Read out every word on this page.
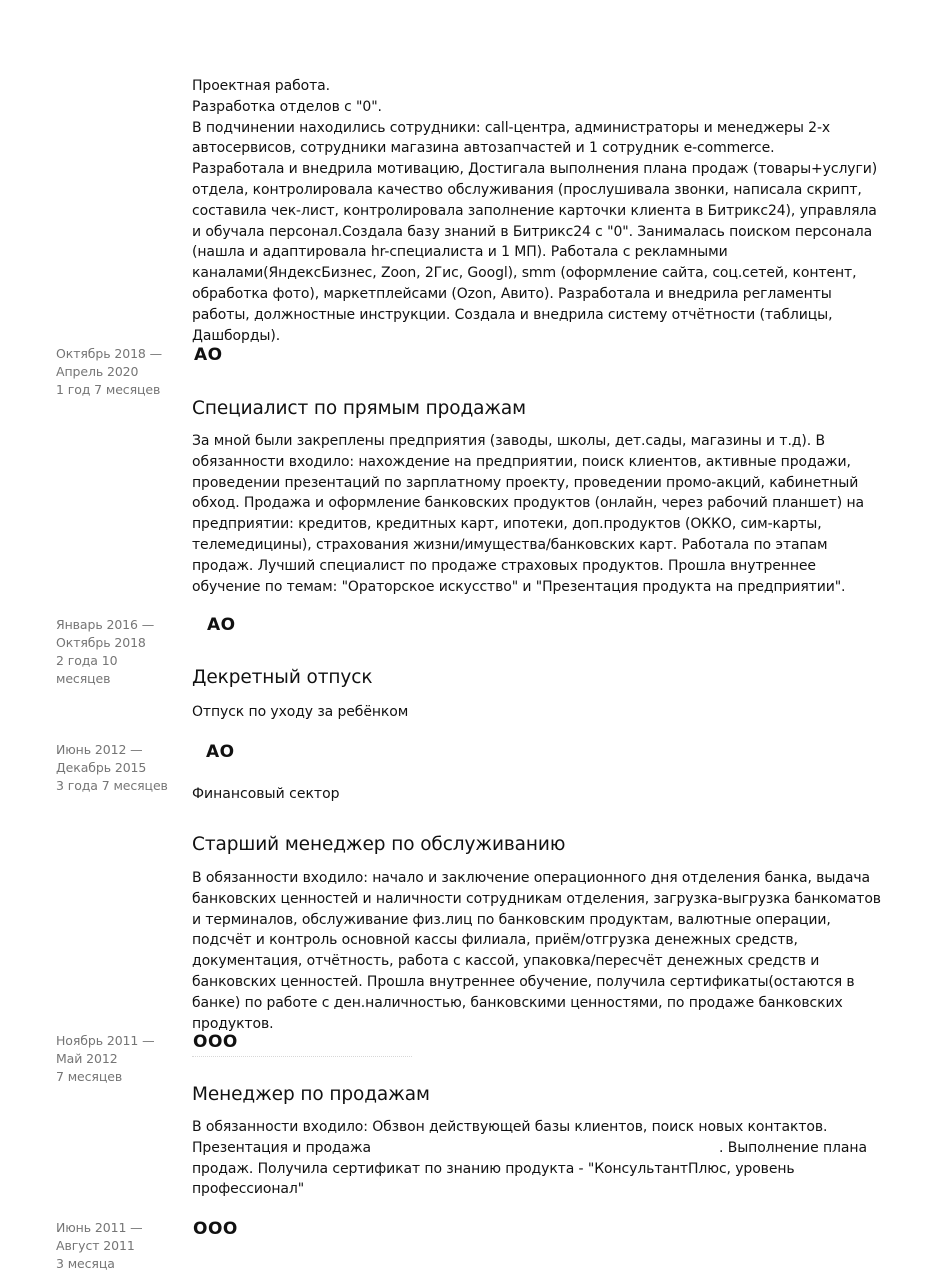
Проектная работа.

Разработка отделов с "0".

В подчинении находились сотрудники: call-центра, администраторы и менеджеры 2-х автосервисов, сотрудники магазина автозапчастей и 1 сотрудник e-commerce.

Разработала и внедрила мотивацию, Достигала выполнения плана продаж (товары+услуги) отдела, контролировала качество обслуживания (прослушивала звонки, написала скрипт, составила чек-лист, контролировала заполнение карточки клиента в Битрикс24), управляла и обучала персонал.Создала базу знаний в Битрикс24 с "0". Занималась поиском персонала (нашла и адаптировала hr-специалиста и 1 МП). Работала с рекламными каналами(ЯндексБизнес, Zoon, 2Гис, Googl), smm (оформление сайта, соц.сетей, контент, обработка фото), маркетплейсами (Ozon, Авито). Разработала и внедрила регламенты работы, должностные инструкции. Создала и внедрила систему отчётности (таблицы, Дашборды).

Октябрь 2018 —
Апрель 2020
1 год 7 месяцев
АО
Специалист по прямым продажам
За мной были закреплены предприятия (заводы, школы, дет.сады, магазины и т.д). В обязанности входило: нахождение на предприятии, поиск клиентов, активные продажи, проведении презентаций по зарплатному проекту, проведении промо-акций, кабинетный обход. Продажа и оформление банковских продуктов (онлайн, через рабочий планшет) на предприятии: кредитов, кредитных карт, ипотеки, доп.продуктов (ОККО, сим-карты, телемедицины), страхования жизни/имущества/банковских карт. Работала по этапам продаж. Лучший специалист по продаже страховых продуктов. Прошла внутреннее обучение по темам: "Ораторское искусство" и "Презентация продукта на предприятии".
Январь 2016 —
Октябрь 2018
2 года 10
месяцев
АО
Декретный отпуск
Отпуск по уходу за ребёнком
Июнь 2012 —
Декабрь 2015
3 года 7 месяцев
АО
Финансовый сектор
Старший менеджер по обслуживанию
В обязанности входило: начало и заключение операционного дня отделения банка, выдача банковских ценностей и наличности сотрудникам отделения, загрузка-выгрузка банкоматов и терминалов, обслуживание физ.лиц по банковским продуктам, валютные операции, подсчёт и контроль основной кассы филиала, приём/отгрузка денежных средств, документация, отчётность, работа с кассой, упаковка/пересчёт денежных средств и банковских ценностей. Прошла внутреннее обучение, получила сертификаты(остаются в банке) по работе с ден.наличностью, банковскими ценностями, по продаже банковских продуктов.
Ноябрь 2011 —
Май 2012
7 месяцев
ООО
Менеджер по продажам
В обязанности входило: Обзвон действующей базы клиентов, поиск новых контактов.
Презентация и продажа	. Выполнение плана
продаж. Получила сертификат по знанию продукта - "КонсультантПлюс, уровень
профессионал"
Июнь 2011 —
Август 2011
3 месяца
ООО
